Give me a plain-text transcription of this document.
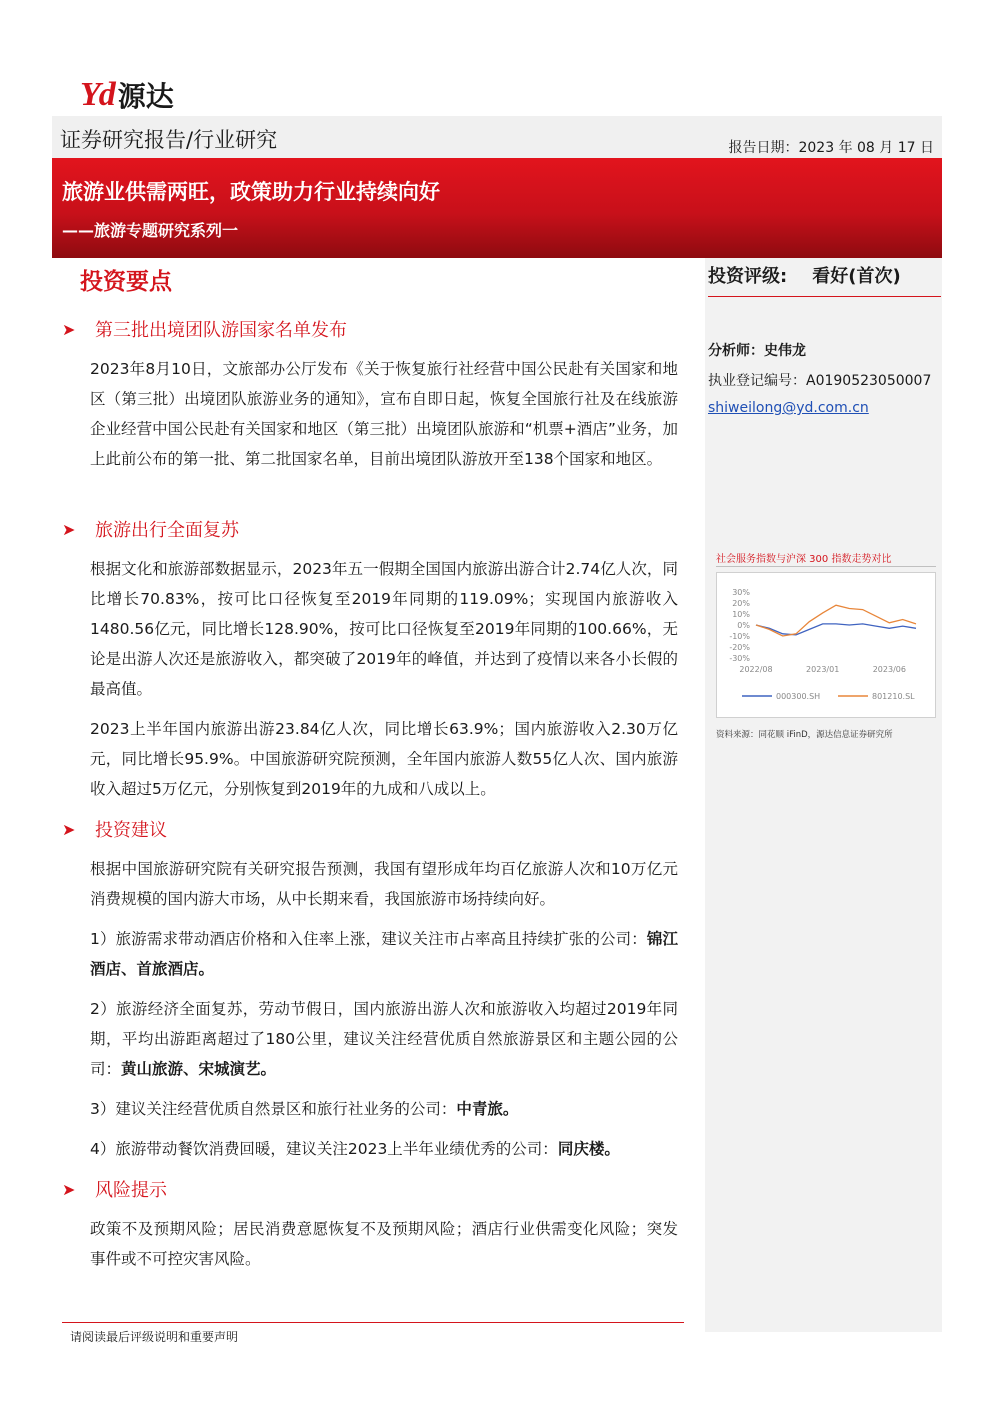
Yd 源达
证券研究报告/行业研究	报告日期：2023 年 08 月 17 日
旅游业供需两旺，政策助力行业持续向好
——旅游专题研究系列一
投资评级:    看好(首次)
分析师：史伟龙
执业登记编号：A0190523050007
shiweilong@yd.com.cn
社会服务指数与沪深 300 指数走势对比
30%
20%
10%
0%
-10%
-20%
-30%
2022/08	2023/01	2023/06
000300.SH	801210.SL
资料来源：同花顺 iFinD，源达信息证券研究所
投资要点
➤	第三批出境团队游国家名单发布
2023年8月10日，文旅部办公厅发布《关于恢复旅行社经营中国公民赴有关国家和地区（第三批）出境团队旅游业务的通知》，宣布自即日起，恢复全国旅行社及在线旅游企业经营中国公民赴有关国家和地区（第三批）出境团队旅游和“机票+酒店”业务，加上此前公布的第一批、第二批国家名单，目前出境团队游放开至138个国家和地区。
➤	旅游出行全面复苏
根据文化和旅游部数据显示，2023年五一假期全国国内旅游出游合计2.74亿人次，同比增长70.83%，按可比口径恢复至2019年同期的119.09%；实现国内旅游收入1480.56亿元，同比增长128.90%，按可比口径恢复至2019年同期的100.66%，无论是出游人次还是旅游收入，都突破了2019年的峰值，并达到了疫情以来各小长假的最高值。
2023上半年国内旅游出游23.84亿人次，同比增长63.9%；国内旅游收入2.30万亿元，同比增长95.9%。中国旅游研究院预测，全年国内旅游人数55亿人次、国内旅游收入超过5万亿元，分别恢复到2019年的九成和八成以上。
➤	投资建议
根据中国旅游研究院有关研究报告预测，我国有望形成年均百亿旅游人次和10万亿元消费规模的国内游大市场，从中长期来看，我国旅游市场持续向好。
1）旅游需求带动酒店价格和入住率上涨，建议关注市占率高且持续扩张的公司：锦江酒店、首旅酒店。
2）旅游经济全面复苏，劳动节假日，国内旅游出游人次和旅游收入均超过2019年同期，平均出游距离超过了180公里，建议关注经营优质自然旅游景区和主题公园的公司：黄山旅游、宋城演艺。
3）建议关注经营优质自然景区和旅行社业务的公司：中青旅。
4）旅游带动餐饮消费回暖，建议关注2023上半年业绩优秀的公司：同庆楼。
➤	风险提示
政策不及预期风险；居民消费意愿恢复不及预期风险；酒店行业供需变化风险；突发事件或不可控灾害风险。
请阅读最后评级说明和重要声明
